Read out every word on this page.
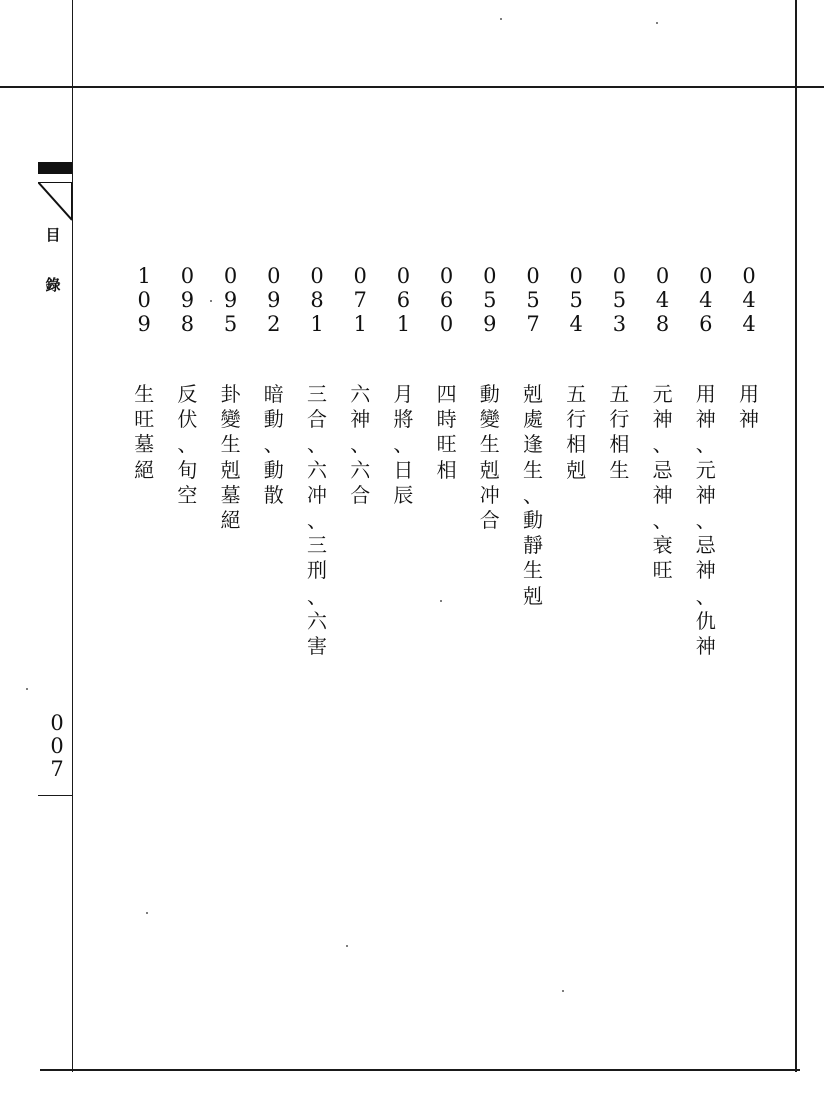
目
錄
0
0
7
0
4
4
用
神
0
4
6
用
神
、
元
神
、
忌
神
、
仇
神
0
4
8
元
神
、
忌
神
、
衰
旺
0
5
3
五
行
相
生
0
5
4
五
行
相
剋
0
5
7
剋
處
逢
生
、
動
靜
生
剋
0
5
9
動
變
生
剋
冲
合
0
6
0
四
時
旺
相
0
6
1
月
將
、
日
辰
0
7
1
六
神
、
六
合
0
8
1
三
合
、
六
冲
、
三
刑
、
六
害
0
9
2
暗
動
、
動
散
0
9
5
卦
變
生
剋
墓
絕
0
9
8
反
伏
、
旬
空
1
0
9
生
旺
墓
絕
